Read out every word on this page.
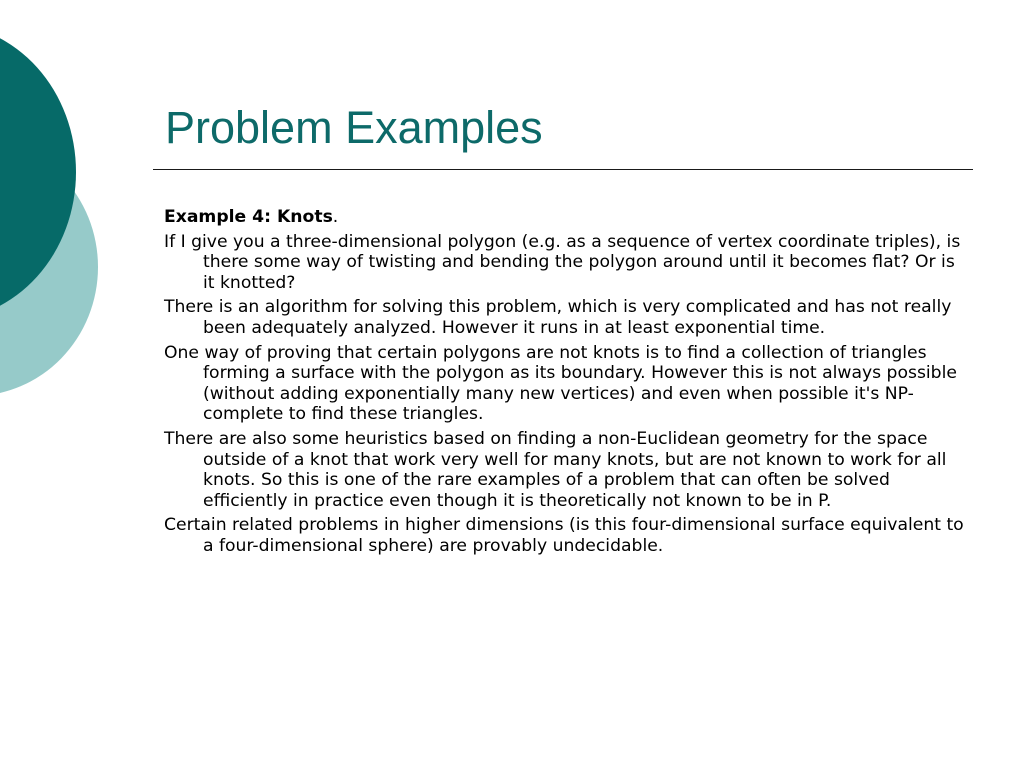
Problem Examples

Example 4: Knots.

If I give you a three-dimensional polygon (e.g. as a sequence of vertex coordinate triples), is there some way of twisting and bending the polygon around until it becomes flat? Or is it knotted?

There is an algorithm for solving this problem, which is very complicated and has not really been adequately analyzed. However it runs in at least exponential time.

One way of proving that certain polygons are not knots is to find a collection of triangles forming a surface with the polygon as its boundary. However this is not always possible (without adding exponentially many new vertices) and even when possible it's NP-complete to find these triangles.

There are also some heuristics based on finding a non-Euclidean geometry for the space outside of a knot that work very well for many knots, but are not known to work for all knots. So this is one of the rare examples of a problem that can often be solved efficiently in practice even though it is theoretically not known to be in P.

Certain related problems in higher dimensions (is this four-dimensional surface equivalent to a four-dimensional sphere) are provably undecidable.
